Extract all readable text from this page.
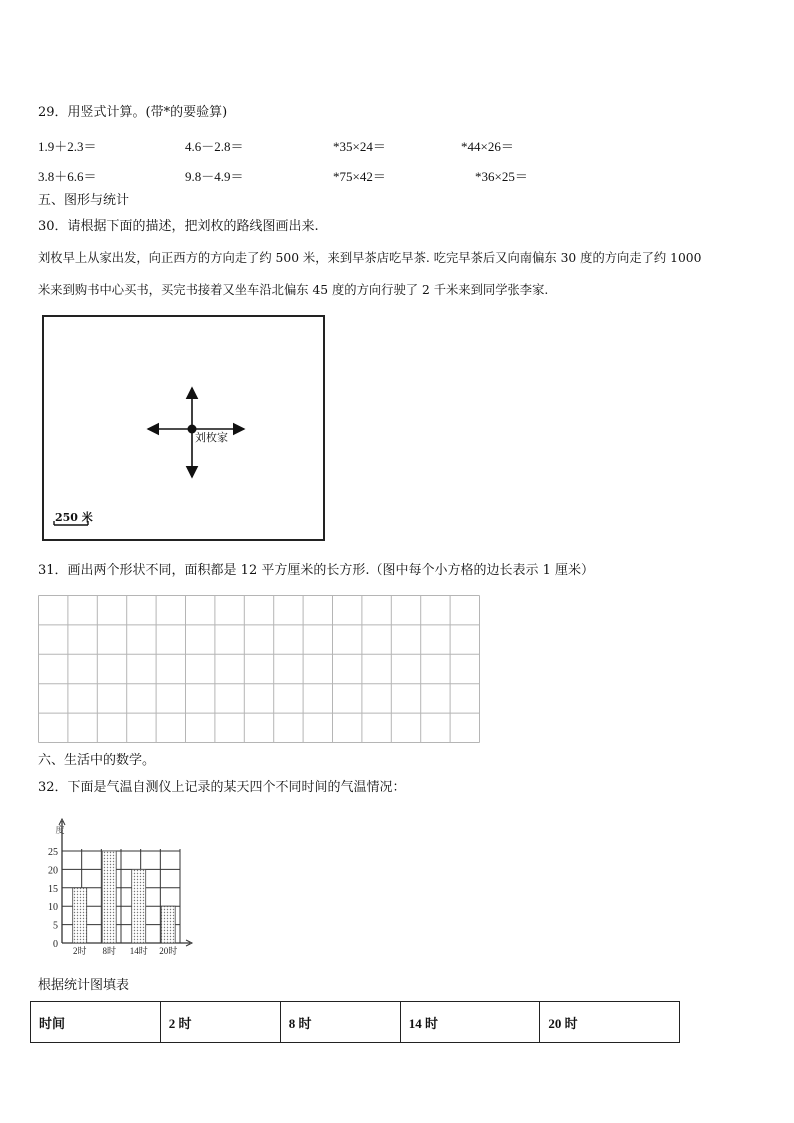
29．用竖式计算。(带*的要验算)
1.9＋2.3＝	4.6－2.8＝	*35×24＝	*44×26＝
3.8＋6.6＝	9.8－4.9＝	*75×42＝	*36×25＝
五、图形与统计
30．请根据下面的描述，把刘枚的路线图画出来.
刘枚早上从家出发，向正西方的方向走了约 500 米，来到早茶店吃早茶. 吃完早茶后又向南偏东 30 度的方向走了约 1000
米来到购书中心买书，买完书接着又坐车沿北偏东 45 度的方向行驶了 2 千米来到同学张李家.
刘枚家
250 米
31．画出两个形状不同，面积都是 12 平方厘米的长方形.（图中每个小方格的边长表示 1 厘米）
六、生活中的数学。
32．下面是气温自测仪上记录的某天四个不同时间的气温情况：
0
5
10
15
20
25
度
2时 8时 14时 20时
根据统计图填表
时间	2 时	8 时	14 时	20 时
